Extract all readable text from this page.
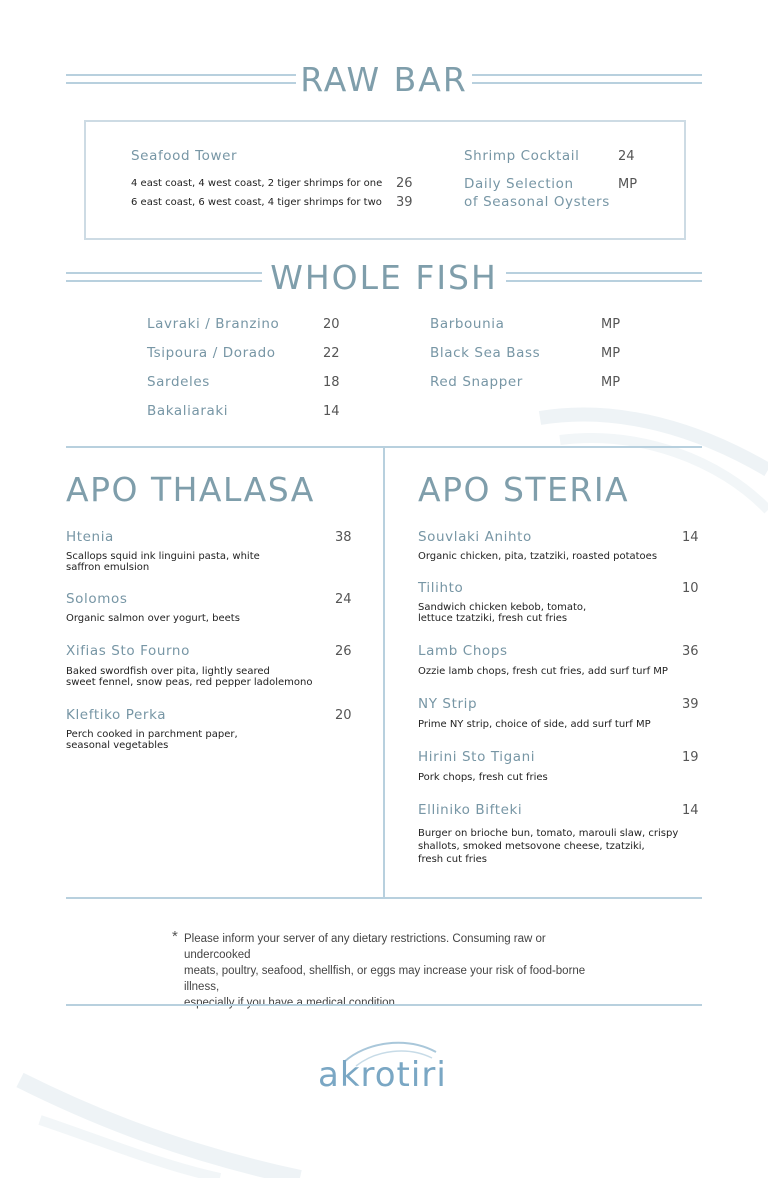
RAW BAR
Seafood Tower
4 east coast, 4 west coast, 2 tiger shrimps for one 26
6 east coast, 6 west coast, 4 tiger shrimps for two 39
Shrimp Cocktail	24
Daily Selection
of Seasonal Oysters
MP
WHOLE FISH
Lavraki / Branzino	20
Tsipoura / Dorado	22
Sardeles	18
Bakaliaraki	14
Barbounia	MP
Black Sea Bass	MP
Red Snapper	MP
APO THALASA
Htenia	38
Scallops squid ink linguini pasta, white
saffron emulsion
Solomos	24
Organic salmon over yogurt, beets
Xifias Sto Fourno	26
Baked swordfish over pita, lightly seared
sweet fennel, snow peas, red pepper ladolemono
Kleftiko Perka	20
Perch cooked in parchment paper,
seasonal vegetables
APO STERIA
Souvlaki Anihto	14
Organic chicken, pita, tzatziki, roasted potatoes
Tilihto	10
Sandwich chicken kebob, tomato,
lettuce tzatziki, fresh cut fries
Lamb Chops	36
Ozzie lamb chops, fresh cut fries, add surf turf MP
NY Strip	39
Prime NY strip, choice of side, add surf turf MP
Hirini Sto Tigani	19
Pork chops, fresh cut fries
Elliniko Bifteki	14
Burger on brioche bun, tomato, marouli slaw, crispy
shallots, smoked metsovone cheese, tzatziki,
fresh cut fries
* Please inform your server of any dietary restrictions. Consuming raw or undercooked
meats, poultry, seafood, shellfish, or eggs may increase your risk of food-borne illness,
especially if you have a medical condition.
akrotiri
